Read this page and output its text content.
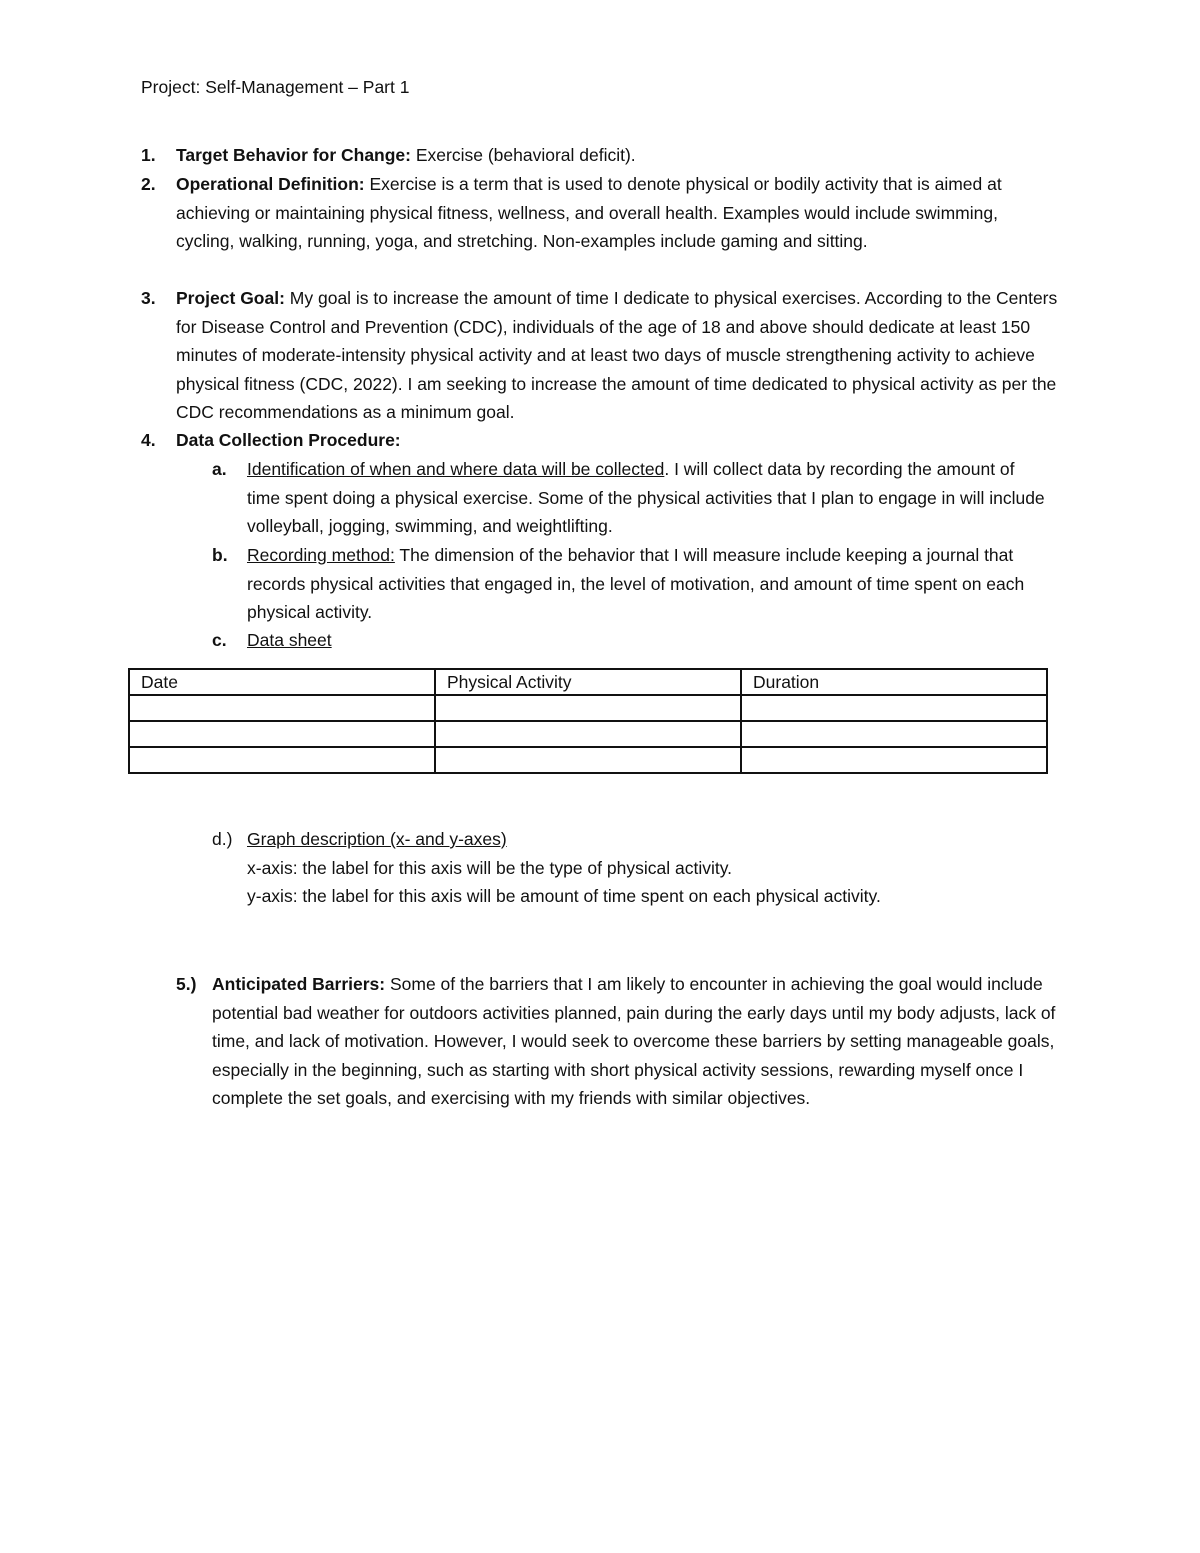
Project: Self-Management – Part 1
1. Target Behavior for Change: Exercise (behavioral deficit).
2. Operational Definition: Exercise is a term that is used to denote physical or bodily activity that is aimed at achieving or maintaining physical fitness, wellness, and overall health. Examples would include swimming, cycling, walking, running, yoga, and stretching. Non-examples include gaming and sitting.
3. Project Goal: My goal is to increase the amount of time I dedicate to physical exercises. According to the Centers for Disease Control and Prevention (CDC), individuals of the age of 18 and above should dedicate at least 150 minutes of moderate-intensity physical activity and at least two days of muscle strengthening activity to achieve physical fitness (CDC, 2022). I am seeking to increase the amount of time dedicated to physical activity as per the CDC recommendations as a minimum goal.
4. Data Collection Procedure:
a. Identification of when and where data will be collected. I will collect data by recording the amount of time spent doing a physical exercise. Some of the physical activities that I plan to engage in will include volleyball, jogging, swimming, and weightlifting.
b. Recording method: The dimension of the behavior that I will measure include keeping a journal that records physical activities that engaged in, the level of motivation, and amount of time spent on each physical activity.
c. Data sheet
Date	Physical Activity	Duration

d.) Graph description (x- and y-axes)
x-axis: the label for this axis will be the type of physical activity.
y-axis: the label for this axis will be amount of time spent on each physical activity.
5.) Anticipated Barriers: Some of the barriers that I am likely to encounter in achieving the goal would include potential bad weather for outdoors activities planned, pain during the early days until my body adjusts, lack of time, and lack of motivation. However, I would seek to overcome these barriers by setting manageable goals, especially in the beginning, such as starting with short physical activity sessions, rewarding myself once I complete the set goals, and exercising with my friends with similar objectives.
